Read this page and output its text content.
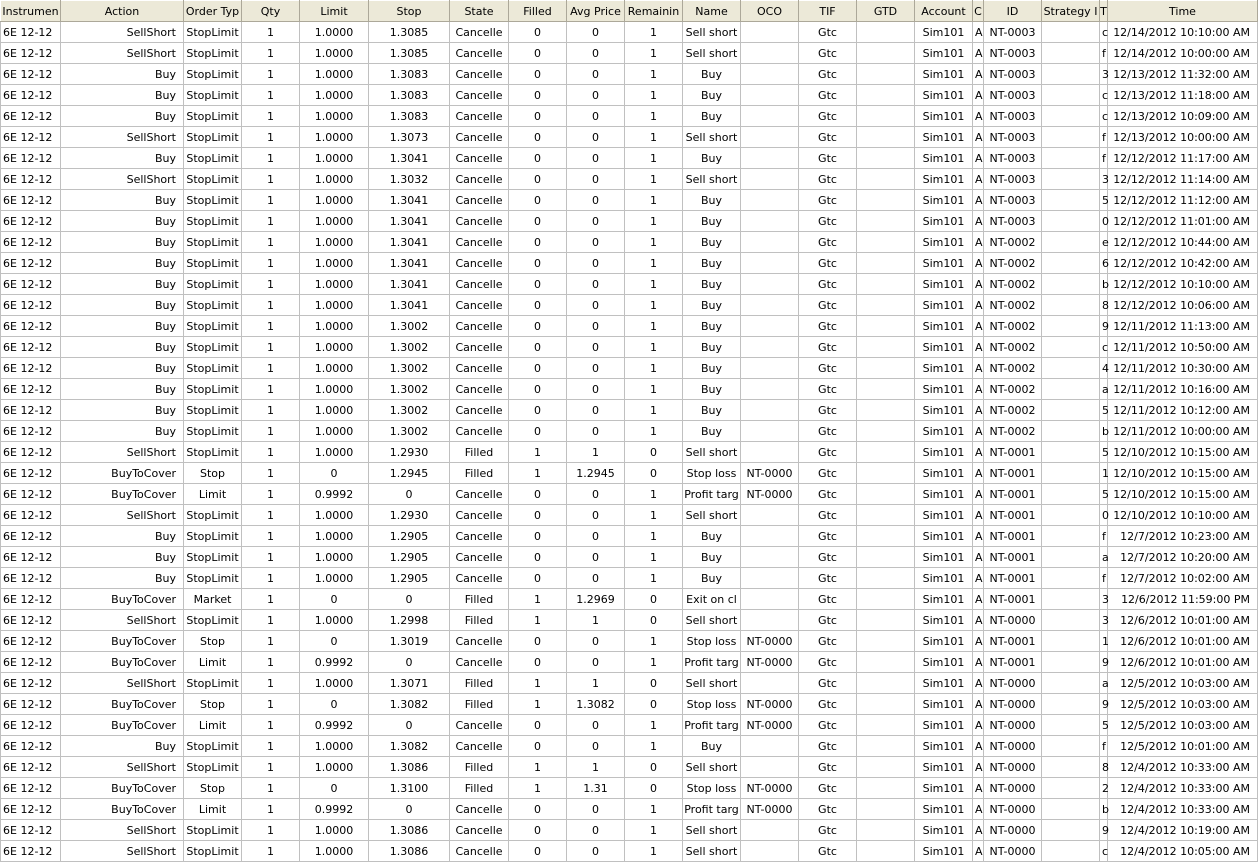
Instrumen	Action	Order Typ	Qty	Limit	Stop	State	Filled	Avg Price	Remainin	Name	OCO	TIF	GTD	Account	C	ID	Strategy I	T	Time
6E 12-12	SellShort	StopLimit	1	1.0000	1.3085	Cancelle	0	0	1	Sell short		Gtc		Sim101	A	NT-0003		c	12/14/2012 10:10:00 AM
6E 12-12	SellShort	StopLimit	1	1.0000	1.3085	Cancelle	0	0	1	Sell short		Gtc		Sim101	A	NT-0003		f	12/14/2012 10:00:00 AM
6E 12-12	Buy	StopLimit	1	1.0000	1.3083	Cancelle	0	0	1	Buy		Gtc		Sim101	A	NT-0003		3	12/13/2012 11:32:00 AM
6E 12-12	Buy	StopLimit	1	1.0000	1.3083	Cancelle	0	0	1	Buy		Gtc		Sim101	A	NT-0003		c	12/13/2012 11:18:00 AM
6E 12-12	Buy	StopLimit	1	1.0000	1.3083	Cancelle	0	0	1	Buy		Gtc		Sim101	A	NT-0003		c	12/13/2012 10:09:00 AM
6E 12-12	SellShort	StopLimit	1	1.0000	1.3073	Cancelle	0	0	1	Sell short		Gtc		Sim101	A	NT-0003		f	12/13/2012 10:00:00 AM
6E 12-12	Buy	StopLimit	1	1.0000	1.3041	Cancelle	0	0	1	Buy		Gtc		Sim101	A	NT-0003		f	12/12/2012 11:17:00 AM
6E 12-12	SellShort	StopLimit	1	1.0000	1.3032	Cancelle	0	0	1	Sell short		Gtc		Sim101	A	NT-0003		3	12/12/2012 11:14:00 AM
6E 12-12	Buy	StopLimit	1	1.0000	1.3041	Cancelle	0	0	1	Buy		Gtc		Sim101	A	NT-0003		5	12/12/2012 11:12:00 AM
6E 12-12	Buy	StopLimit	1	1.0000	1.3041	Cancelle	0	0	1	Buy		Gtc		Sim101	A	NT-0003		0	12/12/2012 11:01:00 AM
6E 12-12	Buy	StopLimit	1	1.0000	1.3041	Cancelle	0	0	1	Buy		Gtc		Sim101	A	NT-0002		e	12/12/2012 10:44:00 AM
6E 12-12	Buy	StopLimit	1	1.0000	1.3041	Cancelle	0	0	1	Buy		Gtc		Sim101	A	NT-0002		6	12/12/2012 10:42:00 AM
6E 12-12	Buy	StopLimit	1	1.0000	1.3041	Cancelle	0	0	1	Buy		Gtc		Sim101	A	NT-0002		b	12/12/2012 10:10:00 AM
6E 12-12	Buy	StopLimit	1	1.0000	1.3041	Cancelle	0	0	1	Buy		Gtc		Sim101	A	NT-0002		8	12/12/2012 10:06:00 AM
6E 12-12	Buy	StopLimit	1	1.0000	1.3002	Cancelle	0	0	1	Buy		Gtc		Sim101	A	NT-0002		9	12/11/2012 11:13:00 AM
6E 12-12	Buy	StopLimit	1	1.0000	1.3002	Cancelle	0	0	1	Buy		Gtc		Sim101	A	NT-0002		c	12/11/2012 10:50:00 AM
6E 12-12	Buy	StopLimit	1	1.0000	1.3002	Cancelle	0	0	1	Buy		Gtc		Sim101	A	NT-0002		4	12/11/2012 10:30:00 AM
6E 12-12	Buy	StopLimit	1	1.0000	1.3002	Cancelle	0	0	1	Buy		Gtc		Sim101	A	NT-0002		a	12/11/2012 10:16:00 AM
6E 12-12	Buy	StopLimit	1	1.0000	1.3002	Cancelle	0	0	1	Buy		Gtc		Sim101	A	NT-0002		5	12/11/2012 10:12:00 AM
6E 12-12	Buy	StopLimit	1	1.0000	1.3002	Cancelle	0	0	1	Buy		Gtc		Sim101	A	NT-0002		b	12/11/2012 10:00:00 AM
6E 12-12	SellShort	StopLimit	1	1.0000	1.2930	Filled	1	1	0	Sell short		Gtc		Sim101	A	NT-0001		5	12/10/2012 10:15:00 AM
6E 12-12	BuyToCover	Stop	1	0	1.2945	Filled	1	1.2945	0	Stop loss	NT-0000	Gtc		Sim101	A	NT-0001		1	12/10/2012 10:15:00 AM
6E 12-12	BuyToCover	Limit	1	0.9992	0	Cancelle	0	0	1	Profit targ	NT-0000	Gtc		Sim101	A	NT-0001		5	12/10/2012 10:15:00 AM
6E 12-12	SellShort	StopLimit	1	1.0000	1.2930	Cancelle	0	0	1	Sell short		Gtc		Sim101	A	NT-0001		0	12/10/2012 10:10:00 AM
6E 12-12	Buy	StopLimit	1	1.0000	1.2905	Cancelle	0	0	1	Buy		Gtc		Sim101	A	NT-0001		f	12/7/2012 10:23:00 AM
6E 12-12	Buy	StopLimit	1	1.0000	1.2905	Cancelle	0	0	1	Buy		Gtc		Sim101	A	NT-0001		a	12/7/2012 10:20:00 AM
6E 12-12	Buy	StopLimit	1	1.0000	1.2905	Cancelle	0	0	1	Buy		Gtc		Sim101	A	NT-0001		f	12/7/2012 10:02:00 AM
6E 12-12	BuyToCover	Market	1	0	0	Filled	1	1.2969	0	Exit on cl		Gtc		Sim101	A	NT-0001		3	12/6/2012 11:59:00 PM
6E 12-12	SellShort	StopLimit	1	1.0000	1.2998	Filled	1	1	0	Sell short		Gtc		Sim101	A	NT-0000		3	12/6/2012 10:01:00 AM
6E 12-12	BuyToCover	Stop	1	0	1.3019	Cancelle	0	0	1	Stop loss	NT-0000	Gtc		Sim101	A	NT-0001		1	12/6/2012 10:01:00 AM
6E 12-12	BuyToCover	Limit	1	0.9992	0	Cancelle	0	0	1	Profit targ	NT-0000	Gtc		Sim101	A	NT-0001		9	12/6/2012 10:01:00 AM
6E 12-12	SellShort	StopLimit	1	1.0000	1.3071	Filled	1	1	0	Sell short		Gtc		Sim101	A	NT-0000		a	12/5/2012 10:03:00 AM
6E 12-12	BuyToCover	Stop	1	0	1.3082	Filled	1	1.3082	0	Stop loss	NT-0000	Gtc		Sim101	A	NT-0000		9	12/5/2012 10:03:00 AM
6E 12-12	BuyToCover	Limit	1	0.9992	0	Cancelle	0	0	1	Profit targ	NT-0000	Gtc		Sim101	A	NT-0000		5	12/5/2012 10:03:00 AM
6E 12-12	Buy	StopLimit	1	1.0000	1.3082	Cancelle	0	0	1	Buy		Gtc		Sim101	A	NT-0000		f	12/5/2012 10:01:00 AM
6E 12-12	SellShort	StopLimit	1	1.0000	1.3086	Filled	1	1	0	Sell short		Gtc		Sim101	A	NT-0000		8	12/4/2012 10:33:00 AM
6E 12-12	BuyToCover	Stop	1	0	1.3100	Filled	1	1.31	0	Stop loss	NT-0000	Gtc		Sim101	A	NT-0000		2	12/4/2012 10:33:00 AM
6E 12-12	BuyToCover	Limit	1	0.9992	0	Cancelle	0	0	1	Profit targ	NT-0000	Gtc		Sim101	A	NT-0000		b	12/4/2012 10:33:00 AM
6E 12-12	SellShort	StopLimit	1	1.0000	1.3086	Cancelle	0	0	1	Sell short		Gtc		Sim101	A	NT-0000		9	12/4/2012 10:19:00 AM
6E 12-12	SellShort	StopLimit	1	1.0000	1.3086	Cancelle	0	0	1	Sell short		Gtc		Sim101	A	NT-0000		c	12/4/2012 10:05:00 AM
